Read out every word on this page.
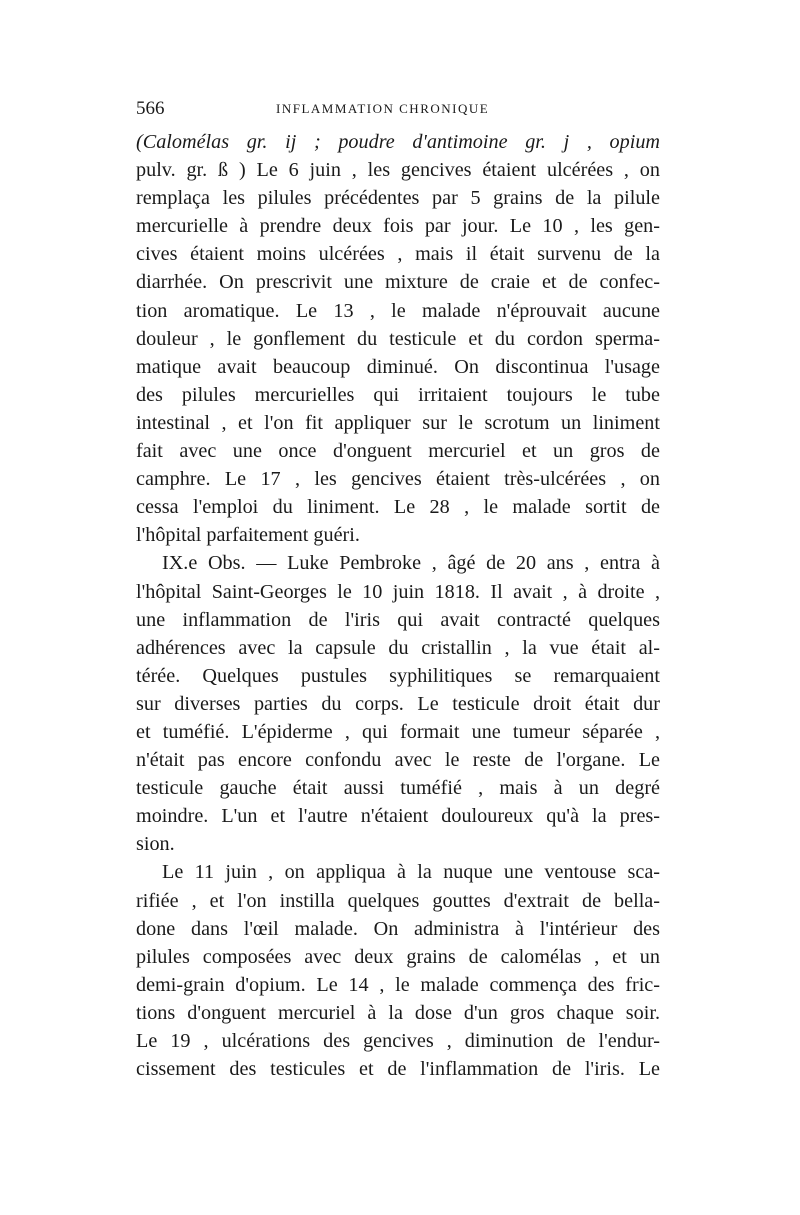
566	INFLAMMATION CHRONIQUE
(Calomélas gr. ij ; poudre d'antimoine gr. j , opium
pulv. gr. ß ) Le 6 juin , les gencives étaient ulcérées , on
remplaça les pilules précédentes par 5 grains de la pilule
mercurielle à prendre deux fois par jour. Le 10 , les gen-
cives étaient moins ulcérées , mais il était survenu de la
diarrhée. On prescrivit une mixture de craie et de confec-
tion aromatique. Le 13 , le malade n'éprouvait aucune
douleur , le gonflement du testicule et du cordon sperma-
matique avait beaucoup diminué. On discontinua l'usage
des pilules mercurielles qui irritaient toujours le tube
intestinal , et l'on fit appliquer sur le scrotum un liniment
fait avec une once d'onguent mercuriel et un gros de
camphre. Le 17 , les gencives étaient très-ulcérées , on
cessa l'emploi du liniment. Le 28 , le malade sortit de
l'hôpital parfaitement guéri.
IX.e Obs. — Luke Pembroke , âgé de 20 ans , entra à
l'hôpital Saint-Georges le 10 juin 1818. Il avait , à droite ,
une inflammation de l'iris qui avait contracté quelques
adhérences avec la capsule du cristallin , la vue était al-
térée. Quelques pustules syphilitiques se remarquaient
sur diverses parties du corps. Le testicule droit était dur
et tuméfié. L'épiderme , qui formait une tumeur séparée ,
n'était pas encore confondu avec le reste de l'organe. Le
testicule gauche était aussi tuméfié , mais à un degré
moindre. L'un et l'autre n'étaient douloureux qu'à la pres-
sion.
Le 11 juin , on appliqua à la nuque une ventouse sca-
rifiée , et l'on instilla quelques gouttes d'extrait de bella-
done dans l'œil malade. On administra à l'intérieur des
pilules composées avec deux grains de calomélas , et un
demi-grain d'opium. Le 14 , le malade commença des fric-
tions d'onguent mercuriel à la dose d'un gros chaque soir.
Le 19 , ulcérations des gencives , diminution de l'endur-
cissement des testicules et de l'inflammation de l'iris. Le
